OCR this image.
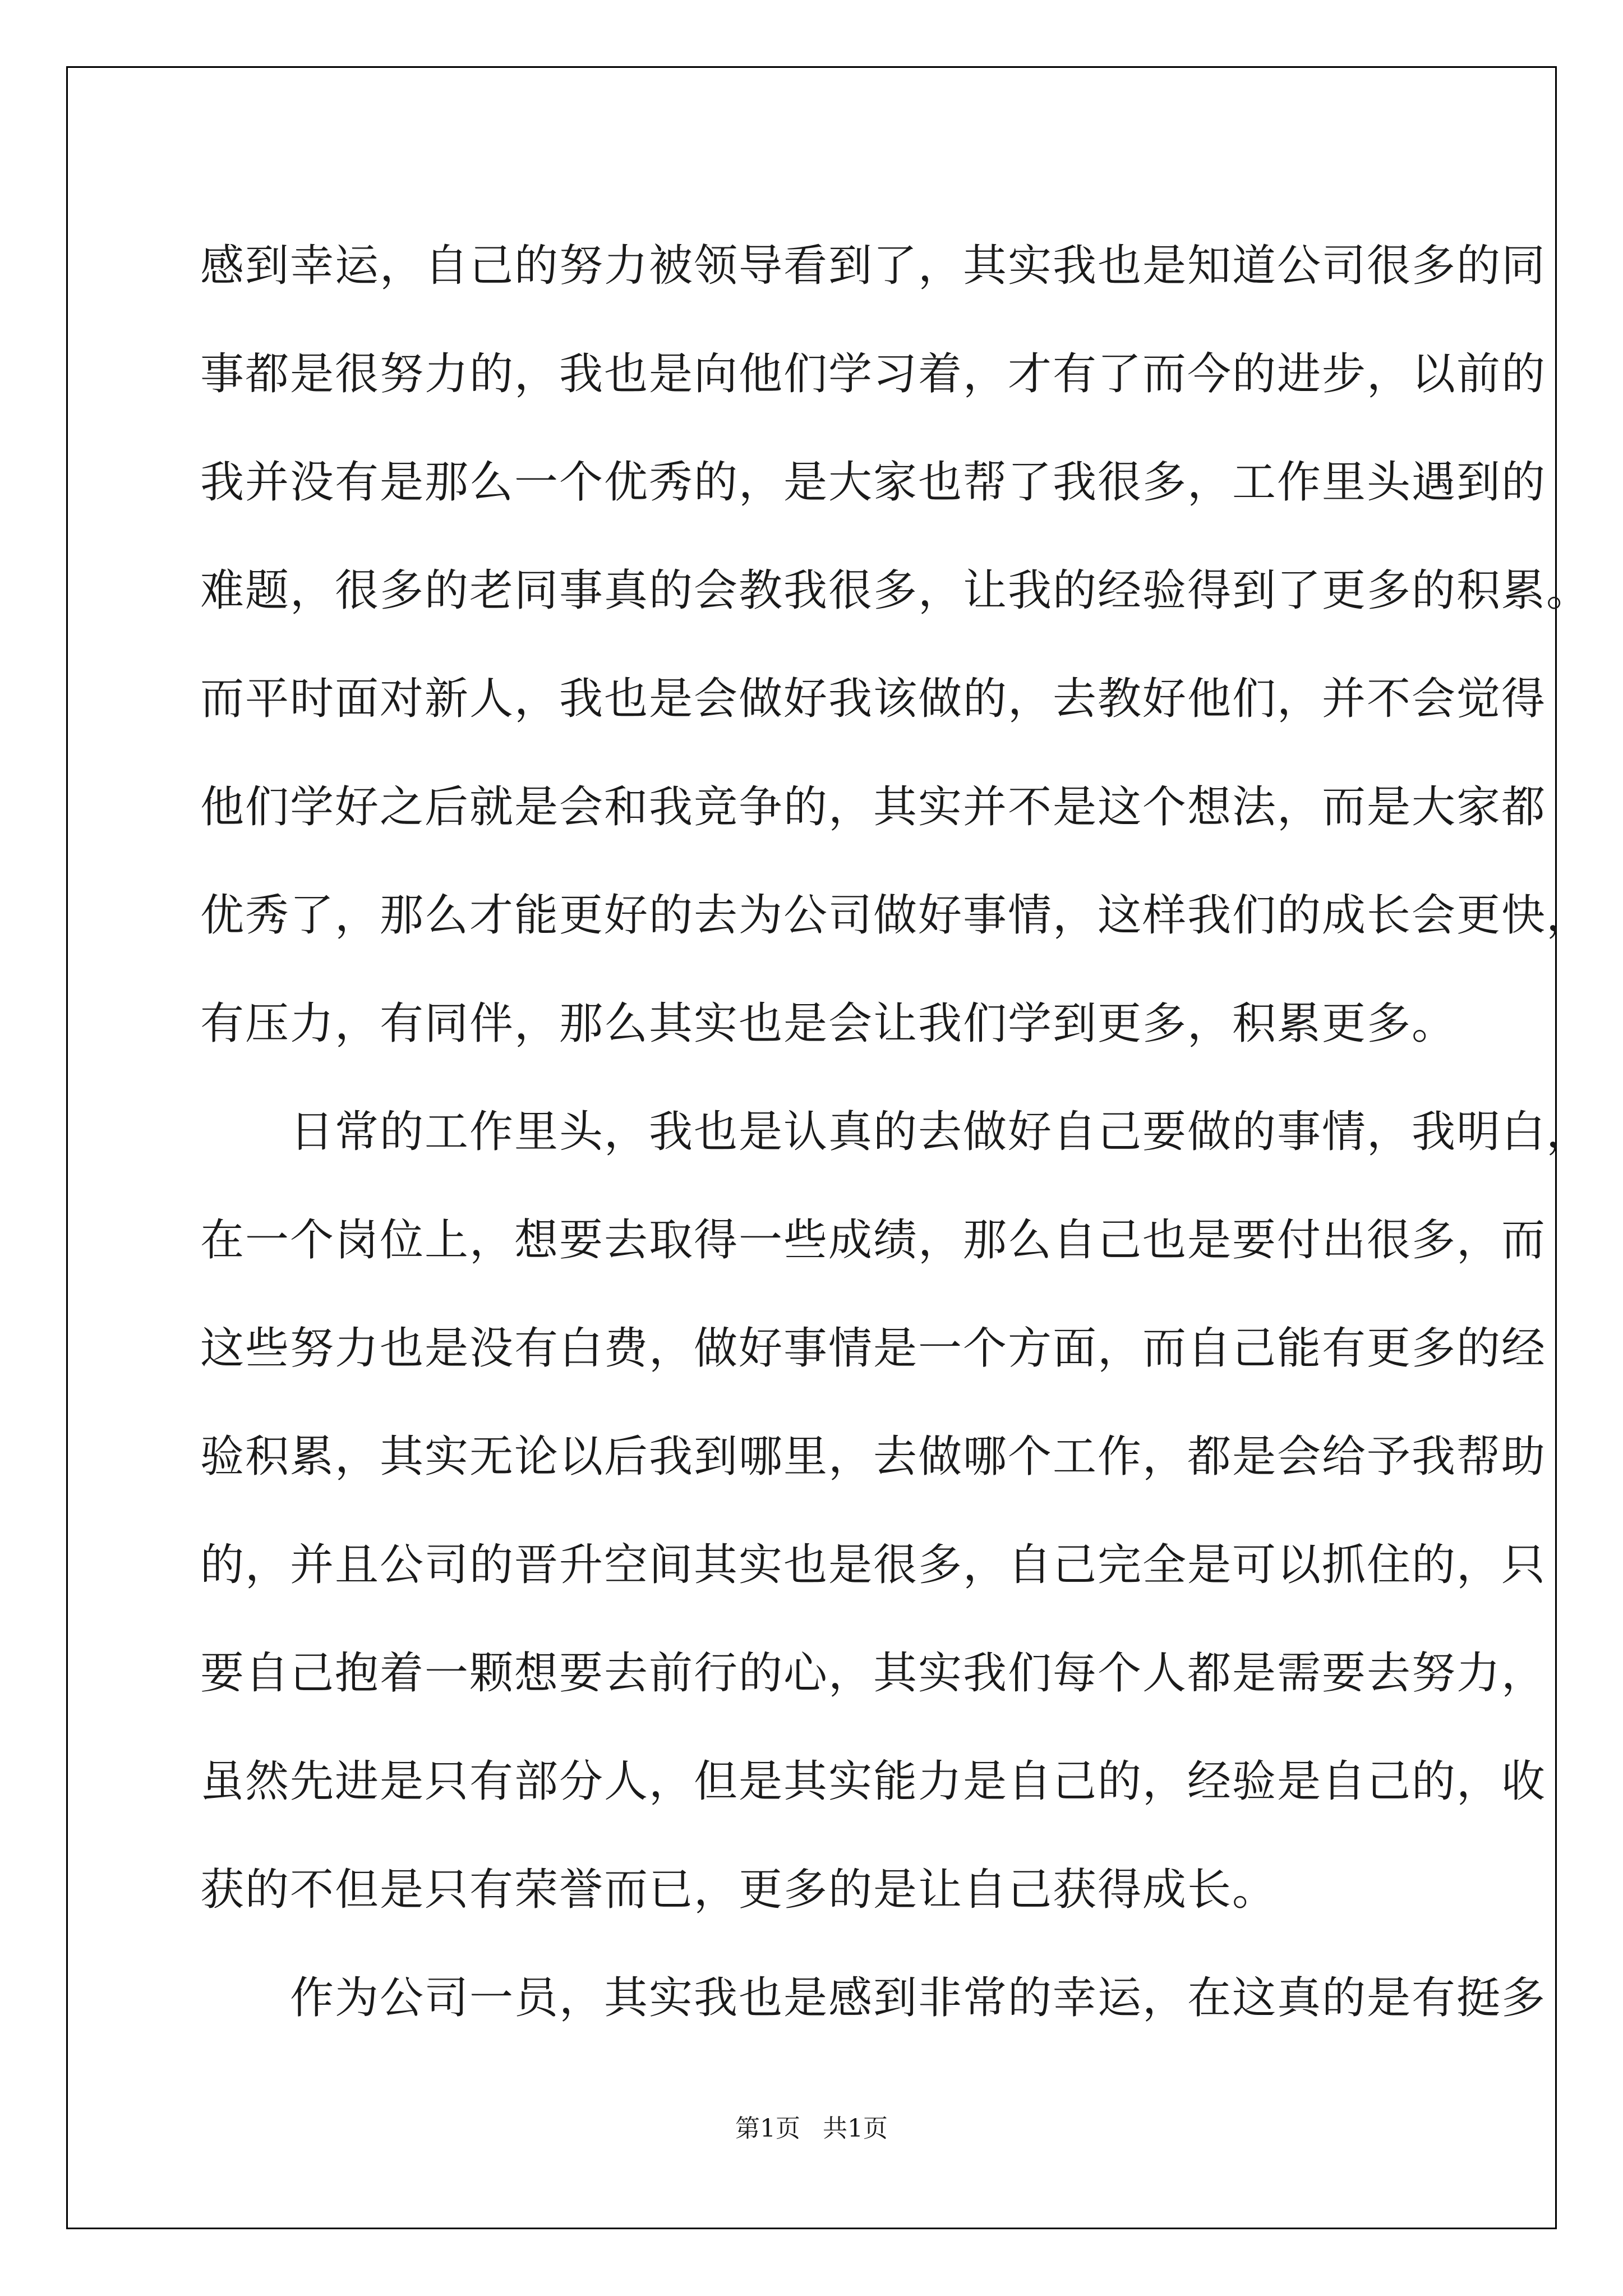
感到幸运，自己的努力被领导看到了，其实我也是知道公司很多的同
事都是很努力的，我也是向他们学习着，才有了而今的进步，以前的
我并没有是那么一个优秀的，是大家也帮了我很多，工作里头遇到的
难题，很多的老同事真的会教我很多，让我的经验得到了更多的积累。
而平时面对新人，我也是会做好我该做的，去教好他们，并不会觉得
他们学好之后就是会和我竞争的，其实并不是这个想法，而是大家都
优秀了，那么才能更好的去为公司做好事情，这样我们的成长会更快，
有压力，有同伴，那么其实也是会让我们学到更多，积累更多。
　　日常的工作里头，我也是认真的去做好自己要做的事情，我明白，
在一个岗位上，想要去取得一些成绩，那么自己也是要付出很多，而
这些努力也是没有白费，做好事情是一个方面，而自己能有更多的经
验积累，其实无论以后我到哪里，去做哪个工作，都是会给予我帮助
的，并且公司的晋升空间其实也是很多，自己完全是可以抓住的，只
要自己抱着一颗想要去前行的心，其实我们每个人都是需要去努力，
虽然先进是只有部分人，但是其实能力是自己的，经验是自己的，收
获的不但是只有荣誉而已，更多的是让自己获得成长。
　　作为公司一员，其实我也是感到非常的幸运，在这真的是有挺多
第1页 共1页
